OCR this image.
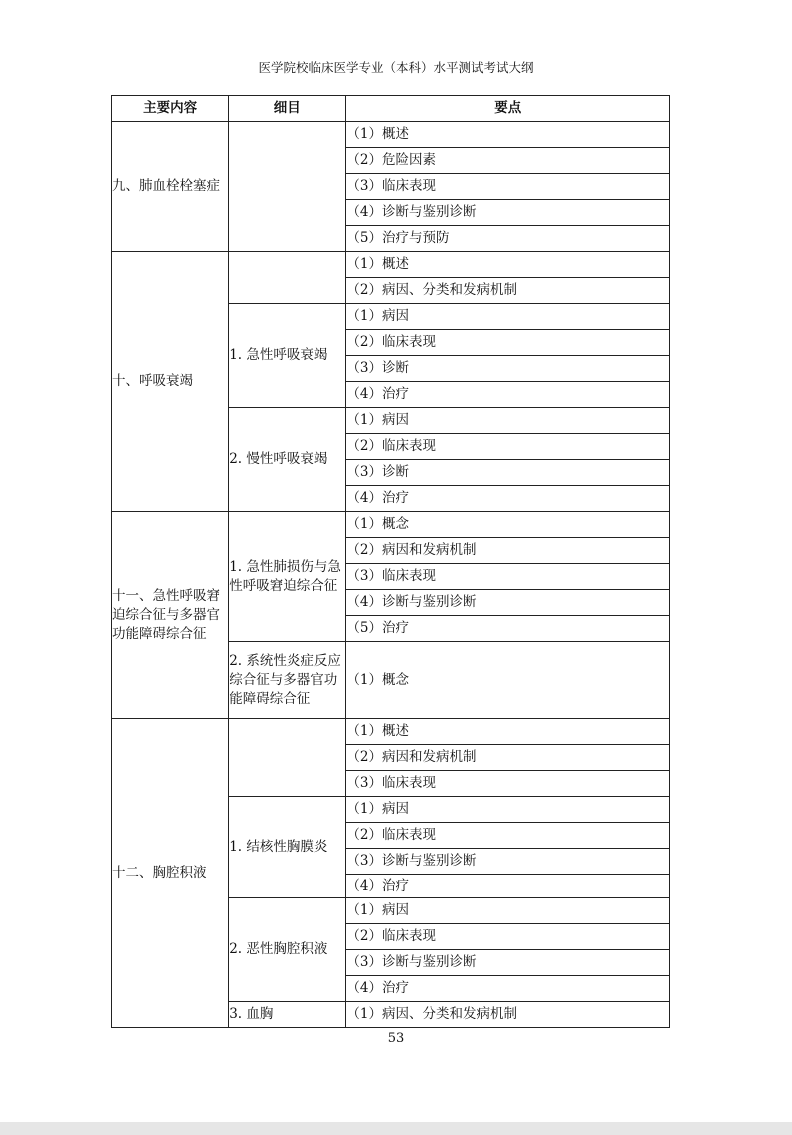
医学院校临床医学专业（本科）水平测试考试大纲
主要内容	细目	要点
九、肺血栓栓塞症		（1）概述
		（2）危险因素
		（3）临床表现
		（4）诊断与鉴别诊断
		（5）治疗与预防
十、呼吸衰竭		（1）概述
		（2）病因、分类和发病机制
	1. 急性呼吸衰竭	（1）病因
		（2）临床表现
		（3）诊断
		（4）治疗
	2. 慢性呼吸衰竭	（1）病因
		（2）临床表现
		（3）诊断
		（4）治疗
十一、急性呼吸窘迫综合征与多器官功能障碍综合征	1. 急性肺损伤与急性呼吸窘迫综合征	（1）概念
		（2）病因和发病机制
		（3）临床表现
		（4）诊断与鉴别诊断
		（5）治疗
	2. 系统性炎症反应综合征与多器官功能障碍综合征	（1）概念
十二、胸腔积液		（1）概述
		（2）病因和发病机制
		（3）临床表现
	1. 结核性胸膜炎	（1）病因
		（2）临床表现
		（3）诊断与鉴别诊断
		（4）治疗
	2. 恶性胸腔积液	（1）病因
		（2）临床表现
		（3）诊断与鉴别诊断
		（4）治疗
	3. 血胸	（1）病因、分类和发病机制
53
